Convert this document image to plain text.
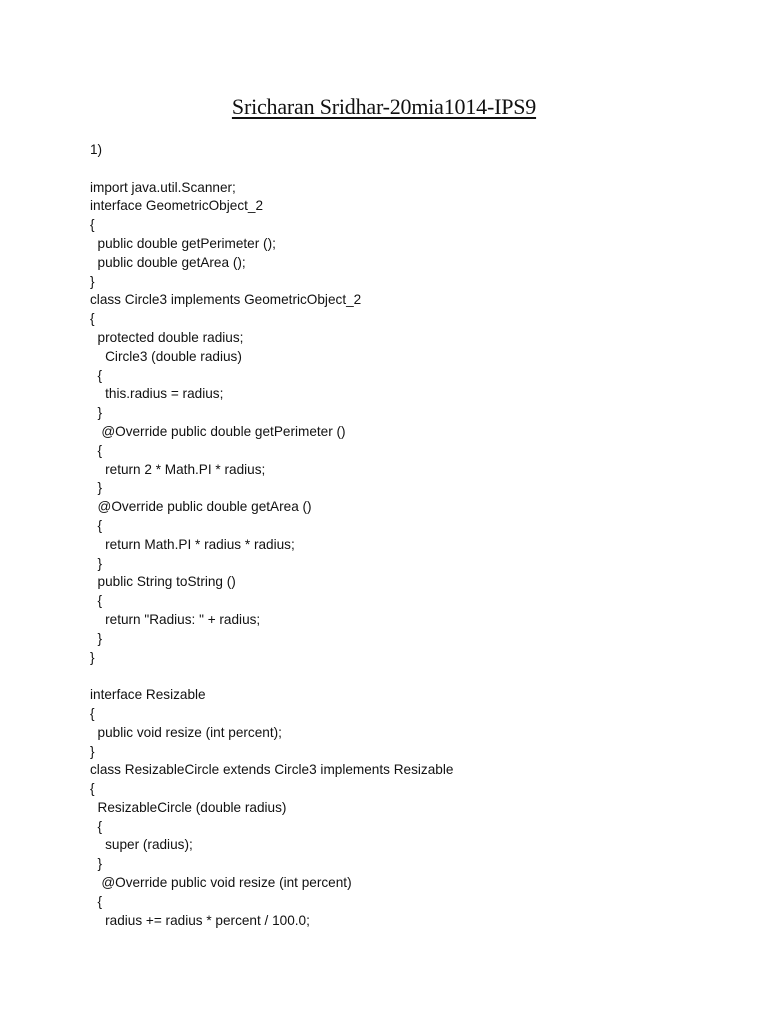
Sricharan Sridhar-20mia1014-IPS9
1)
import java.util.Scanner;
interface GeometricObject_2
{
public double getPerimeter ();
public double getArea ();
}
class Circle3 implements GeometricObject_2
{
protected double radius;
Circle3 (double radius)
{
this.radius = radius;
}
@Override public double getPerimeter ()
{
return 2 * Math.PI * radius;
}
@Override public double getArea ()
{
return Math.PI * radius * radius;
}
public String toString ()
{
return "Radius: " + radius;
}
}
interface Resizable
{
public void resize (int percent);
}
class ResizableCircle extends Circle3 implements Resizable
{
ResizableCircle (double radius)
{
super (radius);
}
@Override public void resize (int percent)
{
radius += radius * percent / 100.0;
